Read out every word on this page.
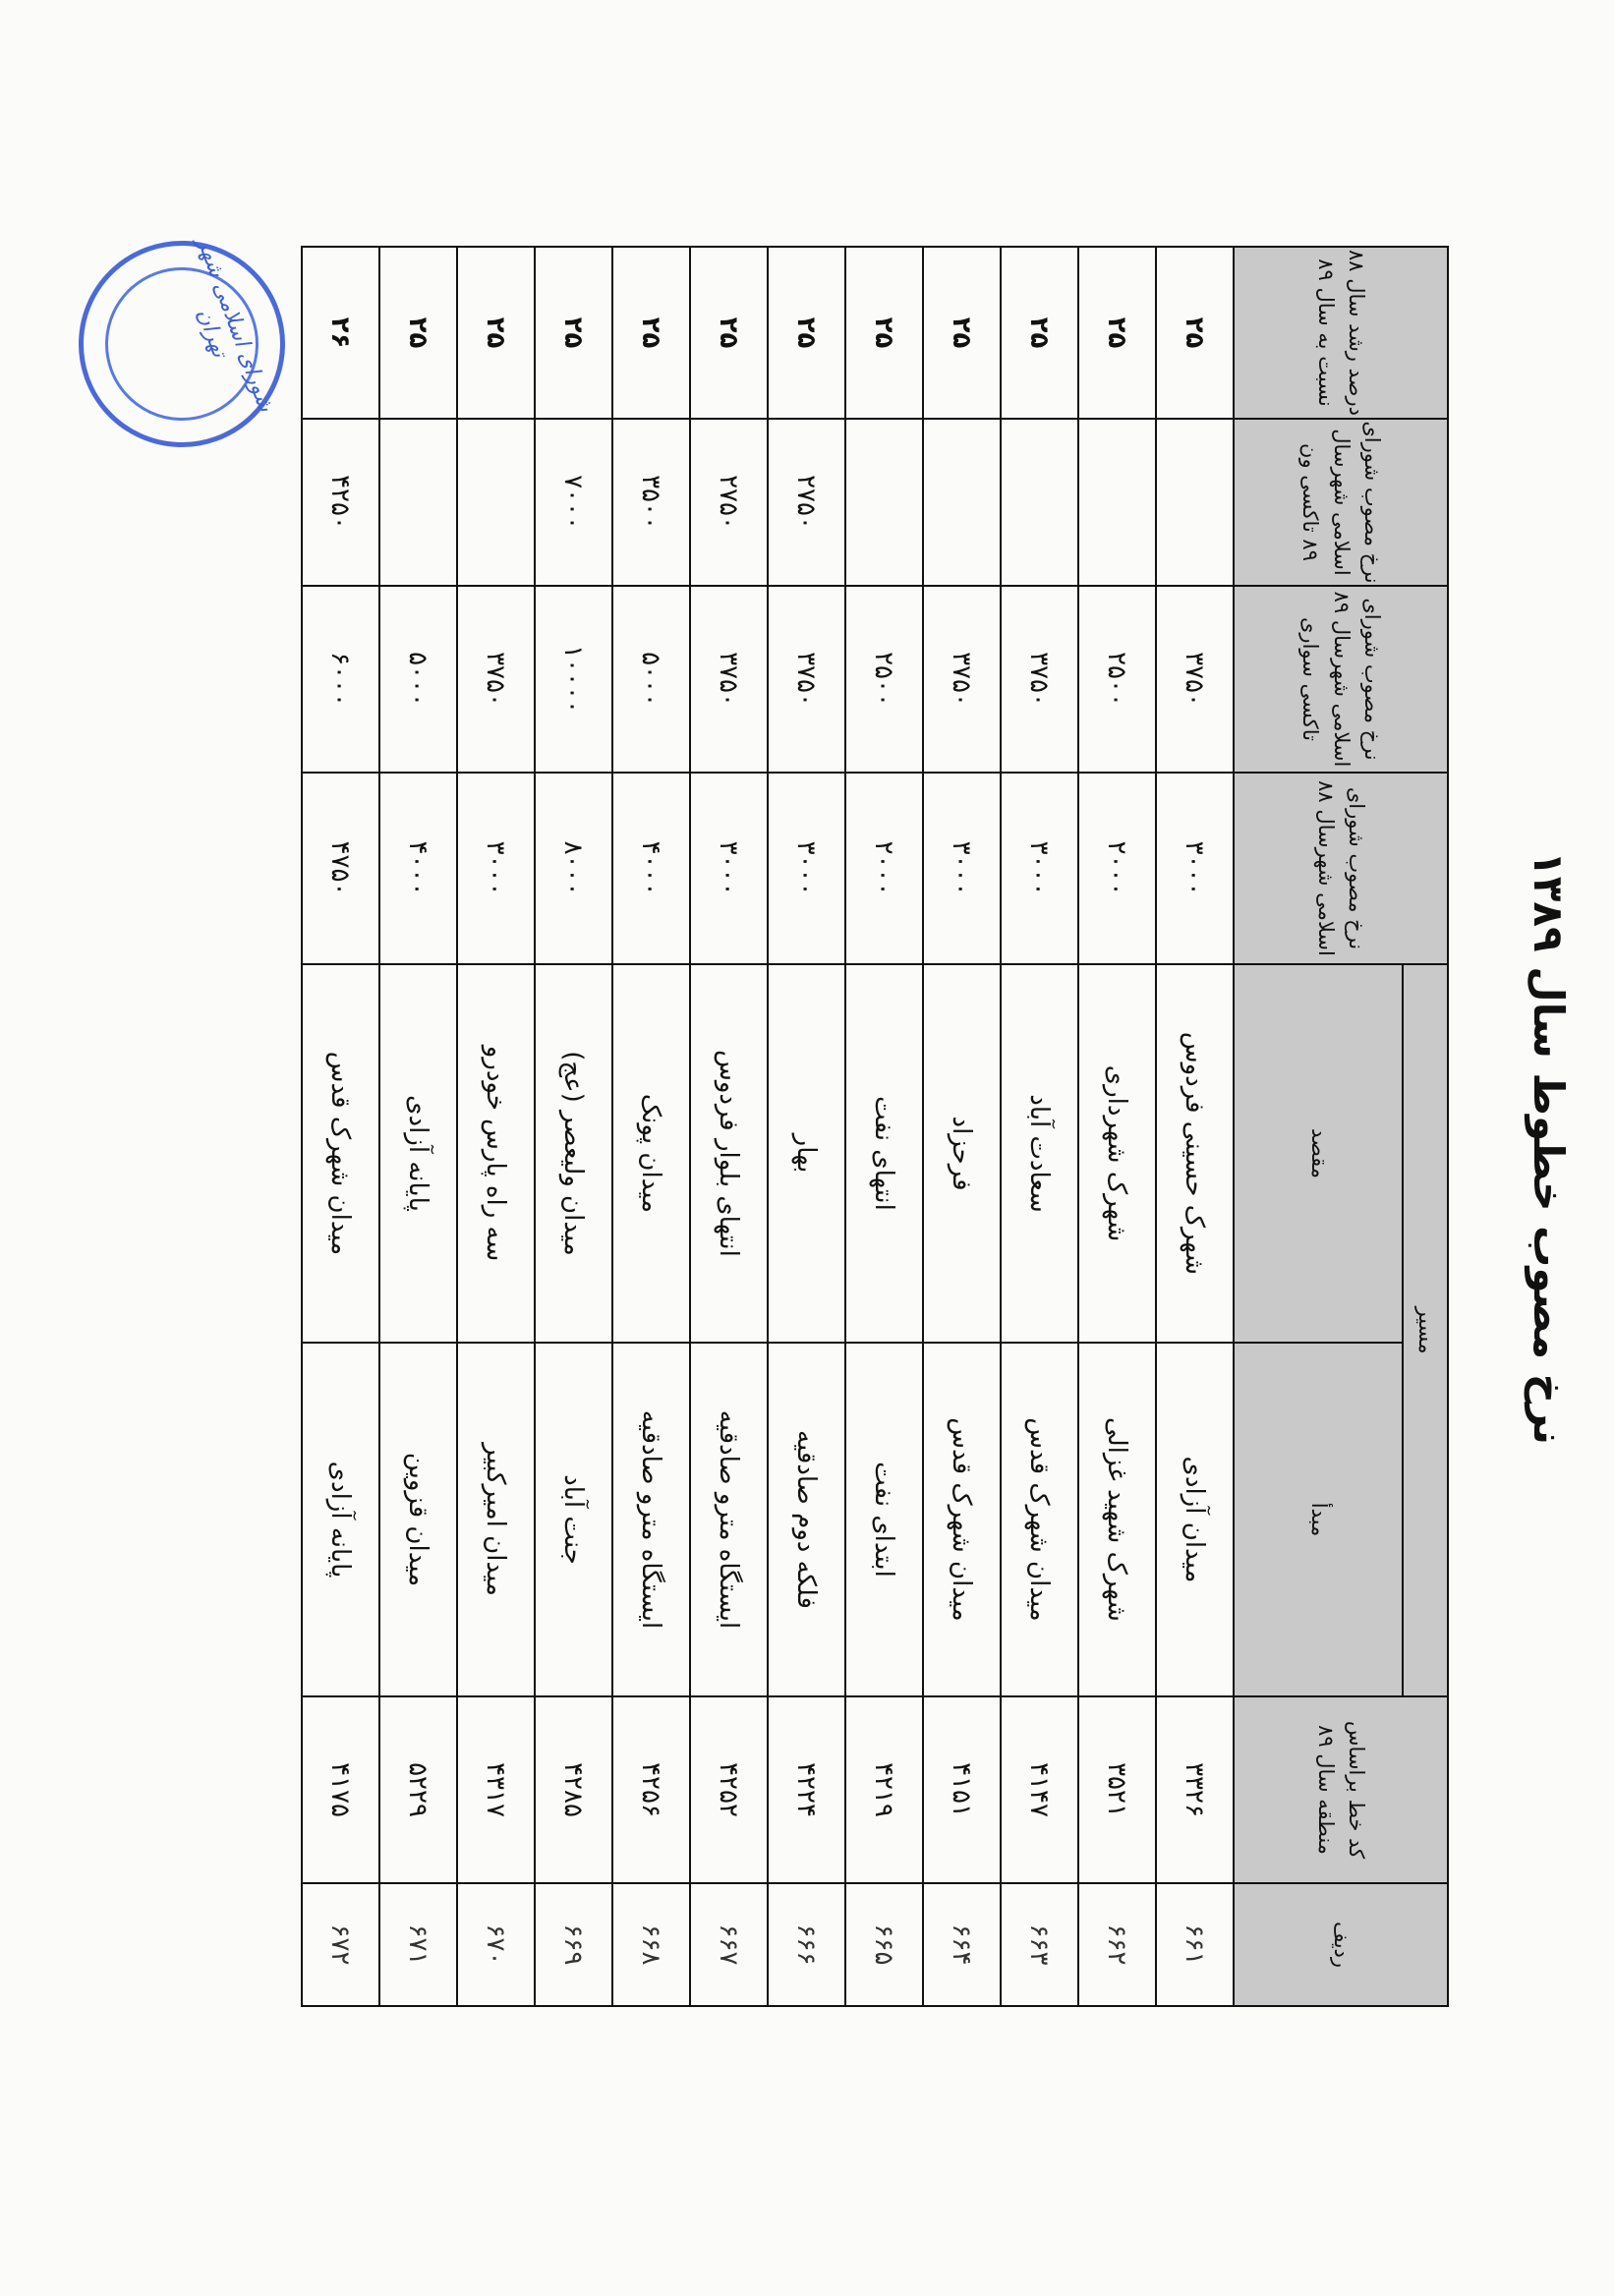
نرخ مصوب خطوط سال ۱۳۸۹
ردیف	کد خط براساس منطقه سال ۸۹	مسیر		نرخ مصوب شورای اسلامی شهرسال ۸۸	نرخ مصوب شورای اسلامی شهرسال ۸۹ تاکسی سواری	نرخ مصوب شورای اسلامی شهرسال ۸۹ تاکسی ون	درصد رشد سال ۸۸ نسبت به سال ۸۹
		مبدأ	مقصد				
۶۶۱	۳۳۲۶	میدان آزادی	شهرک حسینی فردوس	۳۰۰۰	۳۷۵۰		۲۵
۶۶۲	۳۵۲۱	شهرک شهید غزالی	شهرک شهرداری	۲۰۰۰	۲۵۰۰		۲۵
۶۶۳	۴۱۴۷	میدان شهرک قدس	سعادت آباد	۳۰۰۰	۳۷۵۰		۲۵
۶۶۴	۴۱۵۱	میدان شهرک قدس	فرحزاد	۳۰۰۰	۳۷۵۰		۲۵
۶۶۵	۴۲۱۹	ابتدای نفت	انتهای نفت	۲۰۰۰	۲۵۰۰		۲۵
۶۶۶	۴۲۲۴	فلکه دوم صادقیه	بهار	۳۰۰۰	۳۷۵۰	۲۷۵۰	۲۵
۶۶۷	۴۲۵۲	ایستگاه مترو صادقیه	انتهای بلوار فردوس	۳۰۰۰	۳۷۵۰	۲۷۵۰	۲۵
۶۶۸	۴۲۵۶	ایستگاه مترو صادقیه	میدان پونک	۴۰۰۰	۵۰۰۰	۳۵۰۰	۲۵
۶۶۹	۴۲۸۵	جنت آباد	میدان ولیعصر (عج)	۸۰۰۰	۱۰۰۰۰	۷۰۰۰	۲۵
۶۷۰	۴۳۱۷	میدان امیرکبیر	سه راه پارس خودرو	۳۰۰۰	۳۷۵۰		۲۵
۶۷۱	۵۲۲۹	میدان قزوین	پایانه آزادی	۴۰۰۰	۵۰۰۰		۲۵
۶۷۲	۴۱۷۵	پایانه آزادی	میدان شهرک قدس	۴۷۵۰	۶۰۰۰	۴۲۵۰	۲۶
شورای اسلامی شهر تهران
